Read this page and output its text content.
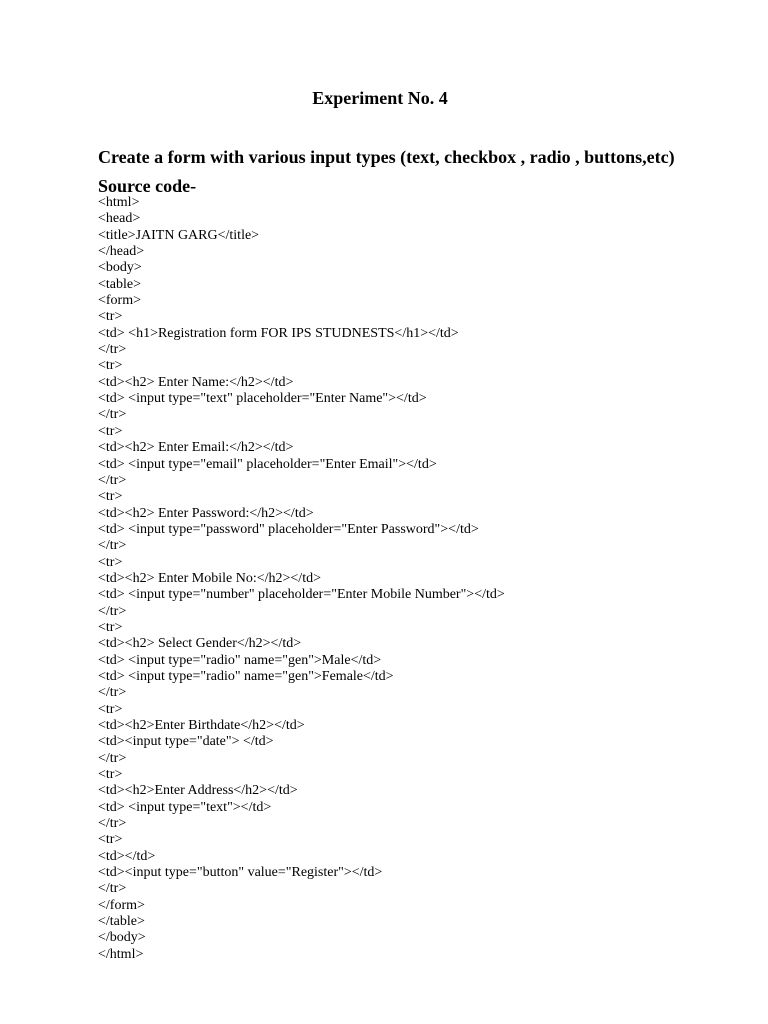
Experiment No. 4
Create a form with various input types (text, checkbox , radio , buttons,etc)
Source code-
<html>
<head>
<title>JAITN GARG</title>
</head>
<body>
<table>
<form>
<tr>
<td> <h1>Registration form FOR IPS STUDNESTS</h1></td>
</tr>
<tr>
<td><h2> Enter Name:</h2></td>
<td> <input type="text" placeholder="Enter Name"></td>
</tr>
<tr>
<td><h2> Enter Email:</h2></td>
<td> <input type="email" placeholder="Enter Email"></td>
</tr>
<tr>
<td><h2> Enter Password:</h2></td>
<td> <input type="password" placeholder="Enter Password"></td>
</tr>
<tr>
<td><h2> Enter Mobile No:</h2></td>
<td> <input type="number" placeholder="Enter Mobile Number"></td>
</tr>
<tr>
<td><h2> Select Gender</h2></td>
<td> <input type="radio" name="gen">Male</td>
<td> <input type="radio" name="gen">Female</td>
</tr>
<tr>
<td><h2>Enter Birthdate</h2></td>
<td><input type="date"> </td>
</tr>
<tr>
<td><h2>Enter Address</h2></td>
<td> <input type="text"></td>
</tr>
<tr>
<td></td>
<td><input type="button" value="Register"></td>
</tr>
</form>
</table>
</body>
</html>
